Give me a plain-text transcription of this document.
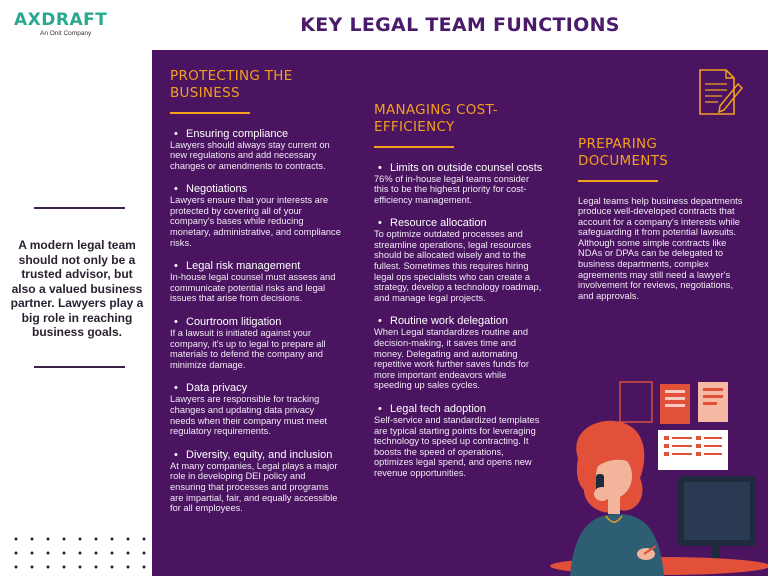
AXDRAFT
An Onit Company	KEY LEGAL TEAM FUNCTIONS

A modern legal team should not only be a trusted advisor, but also a valued business partner. Lawyers play a big role in reaching business goals.

PROTECTING THE BUSINESS
• Ensuring compliance
Lawyers should always stay current on new regulations and add necessary changes or amendments to contracts.
• Negotiations
Lawyers ensure that your interests are protected by covering all of your company's bases while reducing monetary, administrative, and compliance risks.
• Legal risk management
In-house legal counsel must assess and communicate potential risks and legal issues that arise from decisions.
• Courtroom litigation
If a lawsuit is initiated against your company, it's up to legal to prepare all materials to defend the company and minimize damage.
• Data privacy
Lawyers are responsible for tracking changes and updating data privacy needs when their company must meet regulatory requirements.
• Diversity, equity, and inclusion
At many companies, Legal plays a major role in developing DEI policy and ensuring that processes and programs are impartial, fair, and equally accessible for all employees.
MANAGING COST-EFFICIENCY
• Limits on outside counsel costs
76% of in-house legal teams consider this to be the highest priority for cost-efficiency management.
• Resource allocation
To optimize outdated processes and streamline operations, legal resources should be allocated wisely and to the fullest. Sometimes this requires hiring legal ops specialists who can create a strategy, develop a technology roadmap, and manage legal projects.
• Routine work delegation
When Legal standardizes routine and decision-making, it saves time and money. Delegating and automating repetitive work further saves funds for more important endeavors while speeding up sales cycles.
• Legal tech adoption
Self-service and standardized templates are typical starting points for leveraging technology to speed up contracting. It boosts the speed of operations, optimizes legal spend, and opens new revenue opportunities.
PREPARING DOCUMENTS
Legal teams help business departments produce well-developed contracts that account for a company's interests while safeguarding it from potential lawsuits. Although some simple contracts like NDAs or DPAs can be delegated to business departments, complex agreements may still need a lawyer's involvement for reviews, negotiations, and approvals.
